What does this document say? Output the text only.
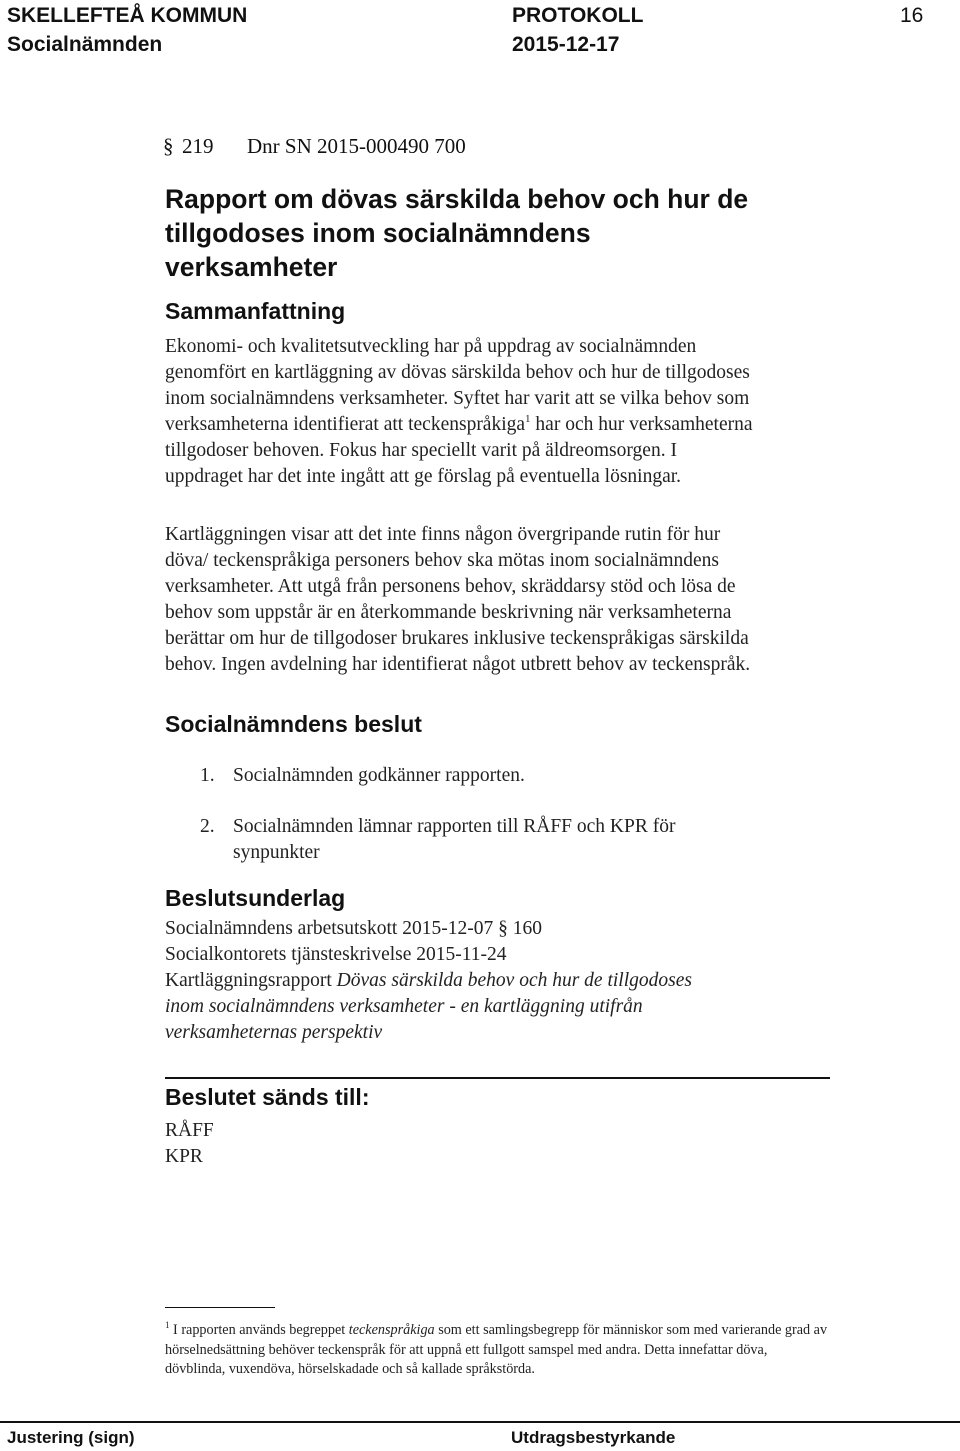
SKELLEFTEÅ KOMMUN	PROTOKOLL	16
Socialnämnden	2015-12-17
§ 219 Dnr SN 2015-000490 700
Rapport om dövas särskilda behov och hur de
tillgodoses inom socialnämndens
verksamheter
Sammanfattning
Ekonomi- och kvalitetsutveckling har på uppdrag av socialnämnden
genomfört en kartläggning av dövas särskilda behov och hur de tillgodoses
inom socialnämndens verksamheter. Syftet har varit att se vilka behov som
verksamheterna identifierat att teckenspråkiga$^1$ har och hur verksamheterna
tillgodoser behoven. Fokus har speciellt varit på äldreomsorgen. I
uppdraget har det inte ingått att ge förslag på eventuella lösningar.
Kartläggningen visar att det inte finns någon övergripande rutin för hur
döva/ teckenspråkiga personers behov ska mötas inom socialnämndens
verksamheter. Att utgå från personens behov, skräddarsy stöd och lösa de
behov som uppstår är en återkommande beskrivning när verksamheterna
berättar om hur de tillgodoser brukares inklusive teckenspråkigas särskilda
behov. Ingen avdelning har identifierat något utbrett behov av teckenspråk.
Socialnämndens beslut
1. Socialnämnden godkänner rapporten.
2. Socialnämnden lämnar rapporten till RÅFF och KPR för
synpunkter
Beslutsunderlag
Socialnämndens arbetsutskott 2015-12-07 § 160
Socialkontorets tjänsteskrivelse 2015-11-24
Kartläggningsrapport Dövas särskilda behov och hur de tillgodoses
inom socialnämndens verksamheter - en kartläggning utifrån
verksamheternas perspektiv
Beslutet sänds till:
RÅFF
KPR
$^1$ I rapporten används begreppet teckenspråkiga som ett samlingsbegrepp för människor som med varierande grad av
hörselnedsättning behöver teckenspråk för att uppnå ett fullgott samspel med andra. Detta innefattar döva,
dövblinda, vuxendöva, hörselskadade och så kallade språkstörda.
Justering (sign)	Utdragsbestyrkande
